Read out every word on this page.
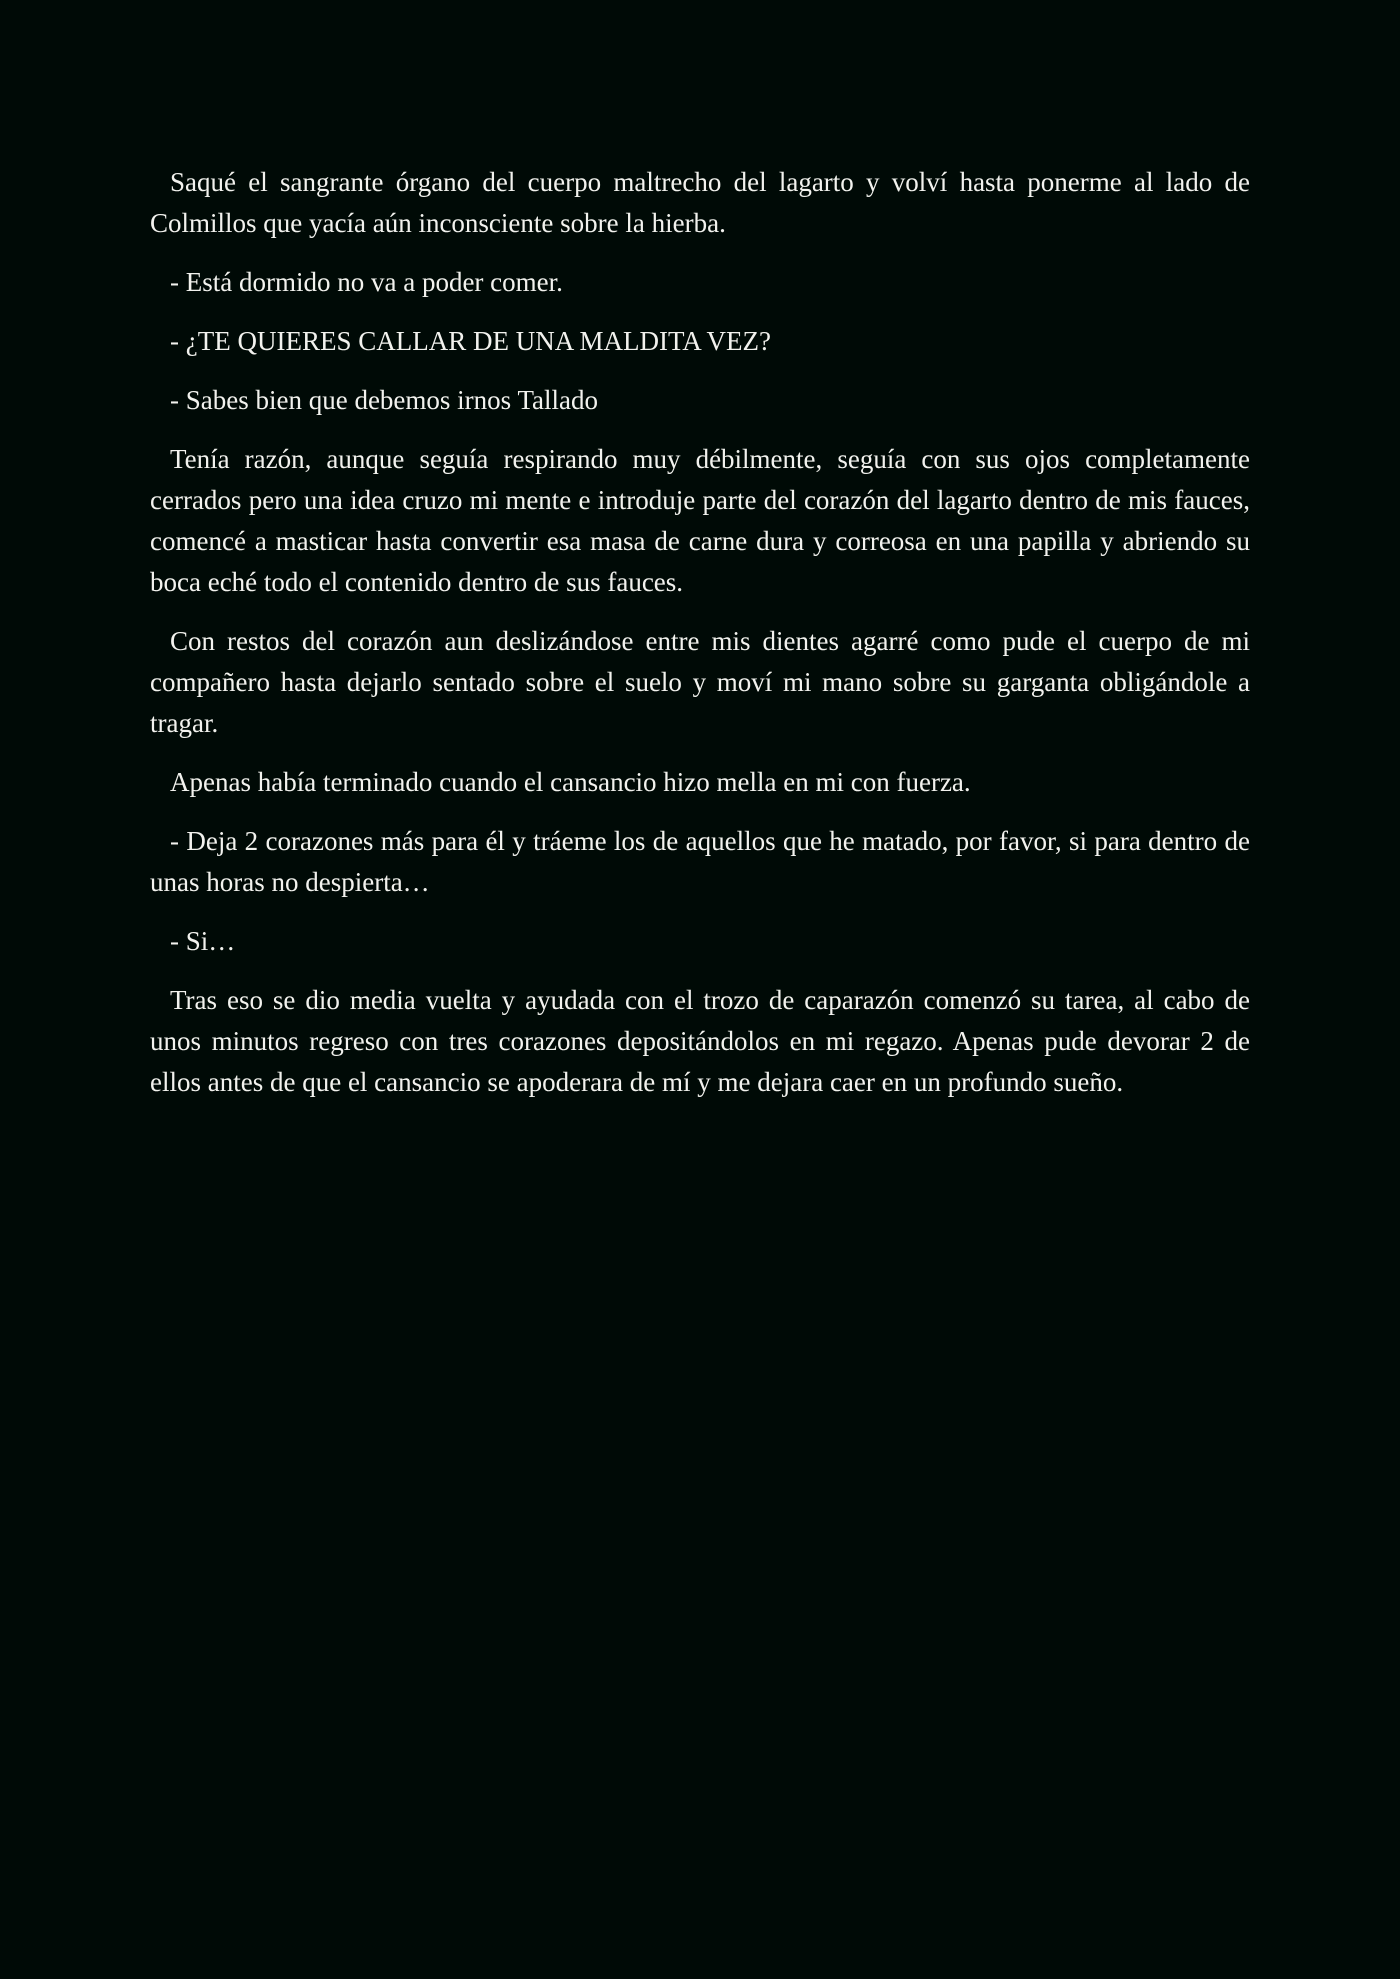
Saqué el sangrante órgano del cuerpo maltrecho del lagarto y volví hasta ponerme al lado de Colmillos que yacía aún inconsciente sobre la hierba.

- Está dormido no va a poder comer.

- ¿TE QUIERES CALLAR DE UNA MALDITA VEZ?

- Sabes bien que debemos irnos Tallado

Tenía razón, aunque seguía respirando muy débilmente, seguía con sus ojos completamente cerrados pero una idea cruzo mi mente e introduje parte del corazón del lagarto dentro de mis fauces, comencé a masticar hasta convertir esa masa de carne dura y correosa en una papilla y abriendo su boca eché todo el contenido dentro de sus fauces.

Con restos del corazón aun deslizándose entre mis dientes agarré como pude el cuerpo de mi compañero hasta dejarlo sentado sobre el suelo y moví mi mano sobre su garganta obligándole a tragar.

Apenas había terminado cuando el cansancio hizo mella en mi con fuerza.

- Deja 2 corazones más para él y tráeme los de aquellos que he matado, por favor, si para dentro de unas horas no despierta…

- Si…

Tras eso se dio media vuelta y ayudada con el trozo de caparazón comenzó su tarea, al cabo de unos minutos regreso con tres corazones depositándolos en mi regazo. Apenas pude devorar 2 de ellos antes de que el cansancio se apoderara de mí y me dejara caer en un profundo sueño.
